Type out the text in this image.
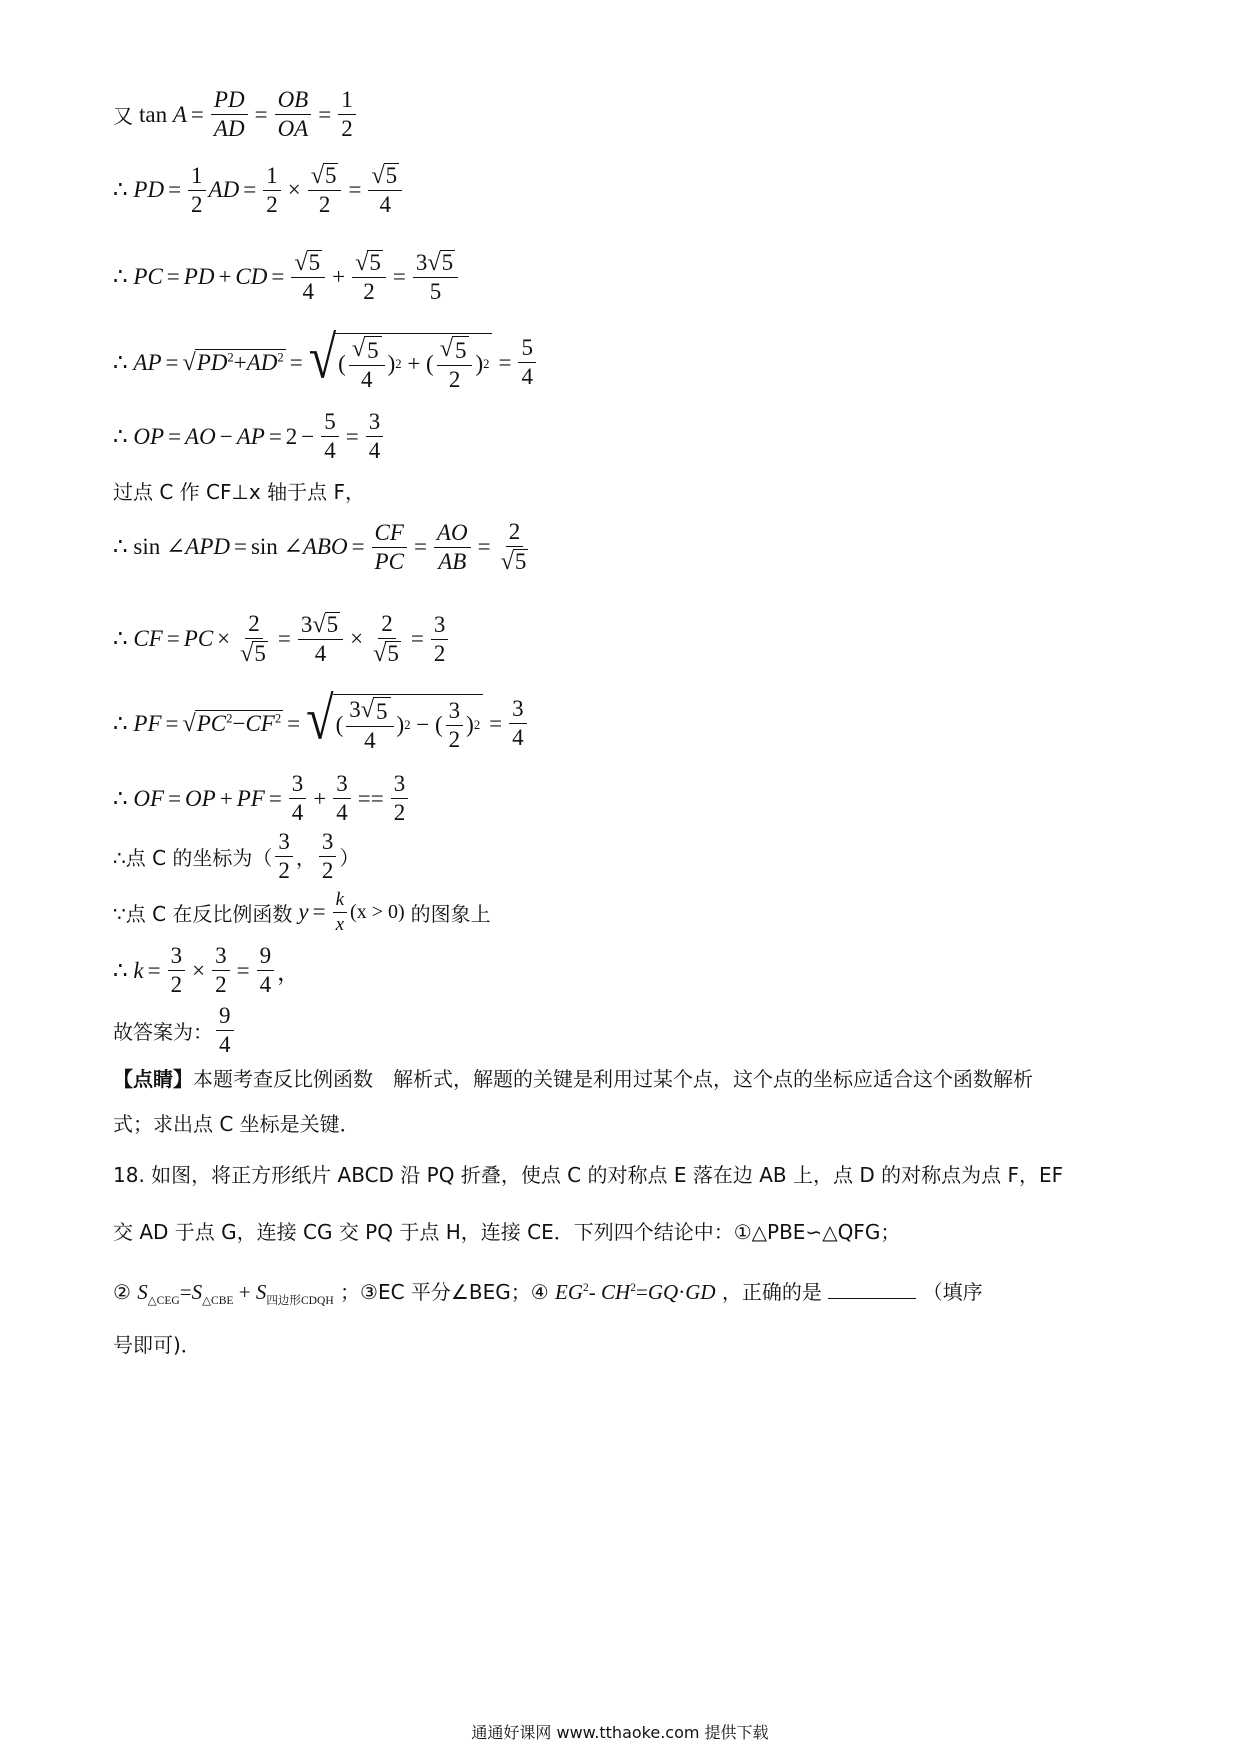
又 $\tan A = \frac{PD}{AD} = \frac{OB}{OA} = \frac{1}{2}$
∴ PD = $\frac{1}{2}$ AD = $\frac{1}{2} \times \frac{√ 5}{2} = \frac{√ 5}{4}$
∴ PC = PD + CD = $\frac{√ 5}{4} + \frac{√ 5}{2} = \frac{3 √ 5}{5}$
∴ AP = √ $PD^2+AD^2$ = √ ( $\frac{√ 5}{4}$ ) 2 + ( $\frac{√ 5}{2}$ ) $2 = \frac{5}{4}$
∴ OP = AO − AP = $2 - \frac{5}{4} = \frac{3}{4}$
过点 C 作 CF⊥x 轴于点 F，
∴ sin ∠ APD = sin ∠ ABO = $\frac{CF}{PC} = \frac{AO}{AB} = \frac{2}{√ 5}$
∴ CF = PC × $\frac{2}{√ 5} = \frac{3 √ 5}{4} \times \frac{2}{√ 5} = \frac{3}{2}$
∴ PF = √ $PC^2-CF^2$ = √ ( $\frac{3 √ 5}{4}$ ) 2 − ( $\frac{3}{2}$ ) $2 = \frac{3}{4}$
∴ OF = OP + PF = $\frac{3}{4} + \frac{3}{4} == \frac{3}{2}$
∴点 C 的坐标为（ $\frac{3}{2}$ ， $\frac{3}{2}$ ）
∵点 C 在反比例函数 $y = \frac{k}{x} (x > 0)$ 的图象上
∴ $k = \frac{3}{2} \times \frac{3}{2} = \frac{9}{4}$ ，
故答案为： $\frac{9}{4}$
【点睛】本题考查反比例函数　解析式，解题的关键是利用过某个点，这个点的坐标应适合这个函数解析
式；求出点 C 坐标是关键．
18. 如图，将正方形纸片 ABCD 沿 PQ 折叠，使点 C 的对称点 E 落在边 AB 上，点 D 的对称点为点 F，EF
交 AD 于点 G，连接 CG 交 PQ 于点 H，连接 CE．下列四个结论中：①△PBE∽△QFG；
② $S_{\triangle CEG}=S_{\triangle CBE} + S_{四边形CDQH}$ ；③EC 平分∠BEG；④ $EG^2-$ $CH^2=GQ\cdot GD$ ，正确的是	（填序
号即可)．
通通好课网 www.tthaoke.com 提供下载
